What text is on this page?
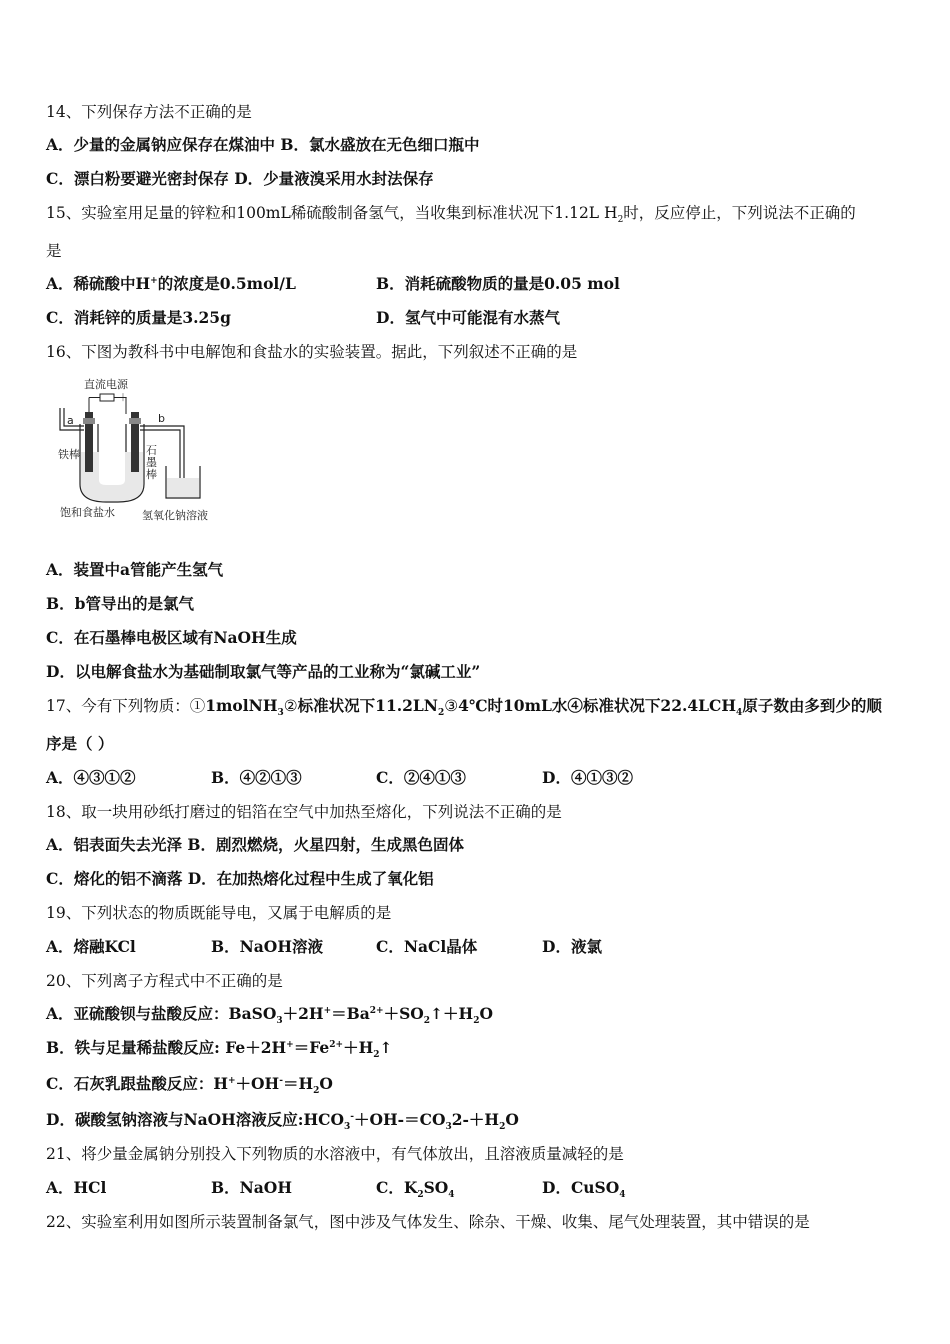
14、下列保存方法不正确的是
A．少量的金属钠应保存在煤油中 B．氯水盛放在无色细口瓶中
C．漂白粉要避光密封保存 D．少量液溴采用水封法保存
15、实验室用足量的锌粒和100mL稀硫酸制备氢气，当收集到标准状况下1.12L $H_2$时，反应停止，下列说法不正确的
是
A．稀硫酸中H+的浓度是0.5mol/L	B．消耗硫酸物质的量是0.05 mol
C．消耗锌的质量是3.25g	D．氢气中可能混有水蒸气
16、下图为教科书中电解饱和食盐水的实验装置。据此，下列叙述不正确的是
直流电源
－ ＋
a	b
铁棒	石
墨
棒
饱和食盐水 氢氧化钠溶液
A．装置中a管能产生氢气
B．b管导出的是氯气
C．在石墨棒电极区域有NaOH生成
D．以电解食盐水为基础制取氯气等产品的工业称为“氯碱工业”
17、今有下列物质：①1molNH$_3$②标准状况下$11.2LN_2③4℃$时10mL水④标准状况下$22.4LCH_4$原子数由多到少的顺
序是（ ）
A．④③①②	B．④②①③	C．②④①③	D．④①③②
18、取一块用砂纸打磨过的铝箔在空气中加热至熔化，下列说法不正确的是
A．铝表面失去光泽 B．剧烈燃烧，火星四射，生成黑色固体
C．熔化的铝不滴落 D．在加热熔化过程中生成了氧化铝
19、下列状态的物质既能导电，又属于电解质的是
A．熔融KCl	B．NaOH溶液	C．NaCl晶体	D．液氯
20、下列离子方程式中不正确的是
A．亚硫酸钡与盐酸反应：$BaSO_3+2H^+=Ba^{2+}+SO_2↑+H_2O$
B．铁与足量稀盐酸反应: $Fe+2H^+=Fe^{2+}+H_2↑$
C．石灰乳跟盐酸反应：$H^++OH^-=H_2O$
D．碳酸氢钠溶液与NaOH溶液反应$:HCO_3^-+OH-=CO_32-+H_2O$
21、将少量金属钠分别投入下列物质的水溶液中，有气体放出，且溶液质量减轻的是
A．HCl	B．NaOH	C．$K_2SO_4$	D．CuSO$_4$
22、实验室利用如图所示装置制备氯气，图中涉及气体发生、除杂、干燥、收集、尾气处理装置，其中错误的是
